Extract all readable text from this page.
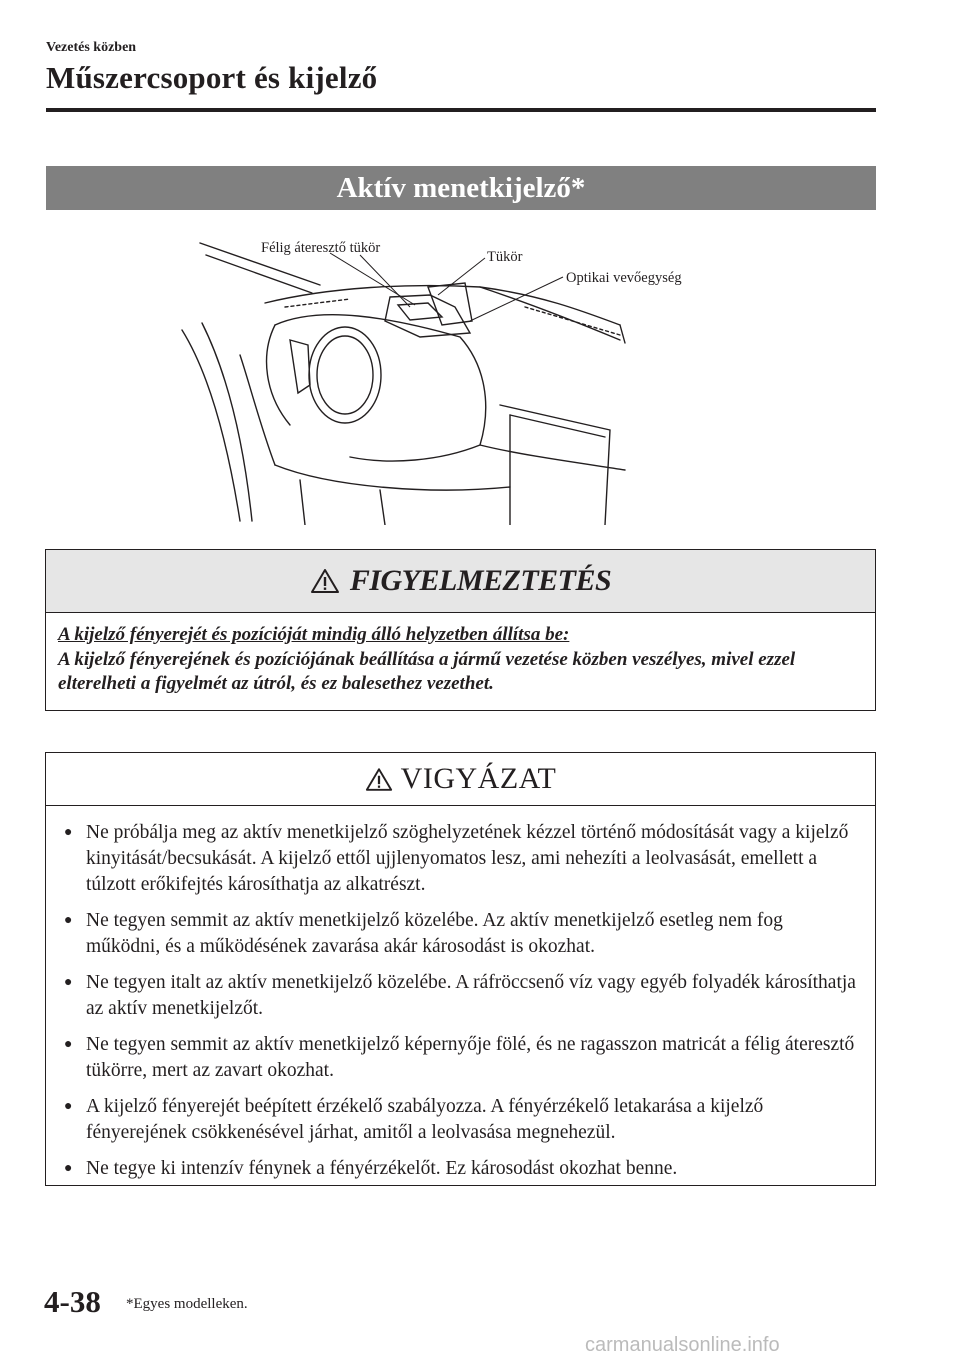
Vezetés közben
Műszercsoport és kijelző
Aktív menetkijelző*
Félig áteresztő tükör
Tükör
Optikai vevőegység
FIGYELMEZTETÉS
A kijelző fényerejét és pozícióját mindig álló helyzetben állítsa be:
A kijelző fényerejének és pozíciójának beállítása a jármű vezetése közben veszélyes, mivel ezzel elterelheti a figyelmét az útról, és ez balesethez vezethet.
VIGYÁZAT
● Ne próbálja meg az aktív menetkijelző szöghelyzetének kézzel történő módosítását vagy a kijelző kinyitását/becsukását. A kijelző ettől ujjlenyomatos lesz, ami nehezíti a leolvasását, emellett a túlzott erőkifejtés károsíthatja az alkatrészt.
● Ne tegyen semmit az aktív menetkijelző közelébe. Az aktív menetkijelző esetleg nem fog működni, és a működésének zavarása akár károsodást is okozhat.
● Ne tegyen italt az aktív menetkijelző közelébe. A ráfröccsenő víz vagy egyéb folyadék károsíthatja az aktív menetkijelzőt.
● Ne tegyen semmit az aktív menetkijelző képernyője fölé, és ne ragasszon matricát a félig áteresztő tükörre, mert az zavart okozhat.
● A kijelző fényerejét beépített érzékelő szabályozza. A fényérzékelő letakarása a kijelző fényerejének csökkenésével járhat, amitől a leolvasása megnehezül.
● Ne tegye ki intenzív fénynek a fényérzékelőt. Ez károsodást okozhat benne.
4-38 *Egyes modelleken.
carmanualsonline.info
